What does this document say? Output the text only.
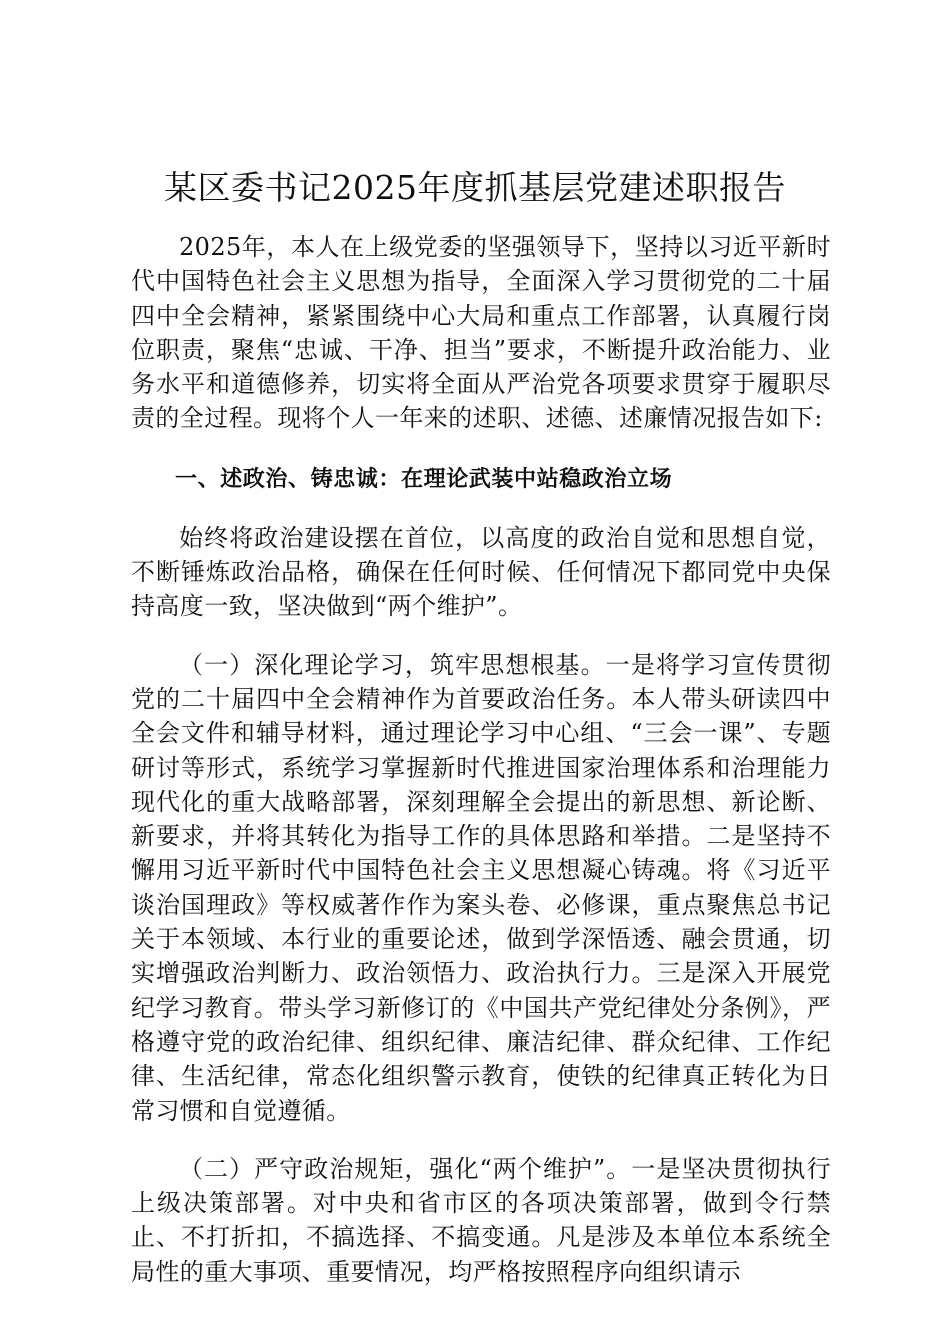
某区委书记2025年度抓基层党建述职报告

2025年，本人在上级党委的坚强领导下，坚持以习近平新时代中国特色社会主义思想为指导，全面深入学习贯彻党的二十届四中全会精神，紧紧围绕中心大局和重点工作部署，认真履行岗位职责，聚焦“忠诚、干净、担当”要求，不断提升政治能力、业务水平和道德修养，切实将全面从严治党各项要求贯穿于履职尽责的全过程。现将个人一年来的述职、述德、述廉情况报告如下:

一、述政治、铸忠诚：在理论武装中站稳政治立场

始终将政治建设摆在首位，以高度的政治自觉和思想自觉，不断锤炼政治品格，确保在任何时候、任何情况下都同党中央保持高度一致，坚决做到“两个维护”。

（一）深化理论学习，筑牢思想根基。一是将学习宣传贯彻党的二十届四中全会精神作为首要政治任务。本人带头研读四中全会文件和辅导材料，通过理论学习中心组、“三会一课”、专题研讨等形式，系统学习掌握新时代推进国家治理体系和治理能力现代化的重大战略部署，深刻理解全会提出的新思想、新论断、新要求，并将其转化为指导工作的具体思路和举措。二是坚持不懈用习近平新时代中国特色社会主义思想凝心铸魂。将《习近平谈治国理政》等权威著作作为案头卷、必修课，重点聚焦总书记关于本领域、本行业的重要论述，做到学深悟透、融会贯通，切实增强政治判断力、政治领悟力、政治执行力。三是深入开展党纪学习教育。带头学习新修订的《中国共产党纪律处分条例》，严格遵守党的政治纪律、组织纪律、廉洁纪律、群众纪律、工作纪律、生活纪律，常态化组织警示教育，使铁的纪律真正转化为日常习惯和自觉遵循。

（二）严守政治规矩，强化“两个维护”。一是坚决贯彻执行上级决策部署。对中央和省市区的各项决策部署，做到令行禁止、不打折扣，不搞选择、不搞变通。凡是涉及本单位本系统全局性的重大事项、重要情况，均严格按照程序向组织请示
